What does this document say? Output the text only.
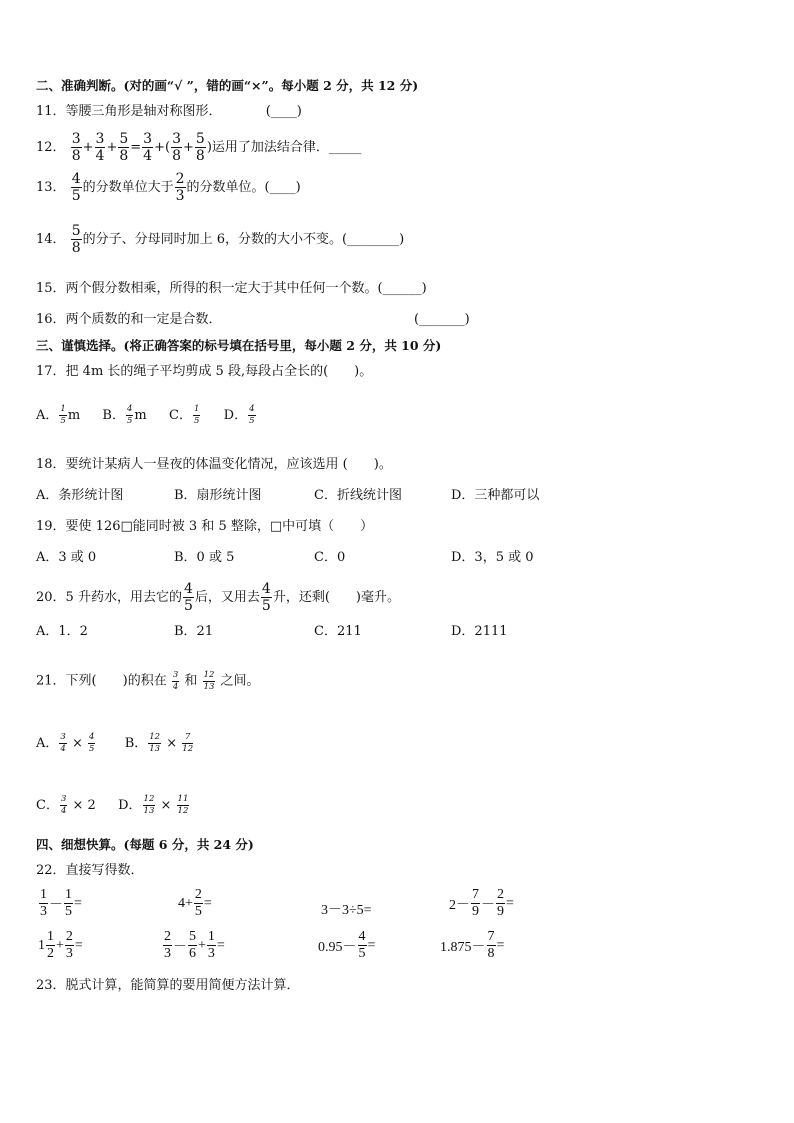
二、准确判断。(对的画“√ ”，错的画“×”。每小题 2 分，共 12 分)
11．等腰三角形是轴对称图形．	(____)
12． $\frac{3}{8} + \frac{3}{4} + \frac{5}{8} = \frac{3}{4}$ +( $\frac{3}{8} + \frac{5}{8}$ )运用了加法结合律．_____
13． $\frac{4}{5}$ 的分数单位大于 $\frac{2}{3}$ 的分数单位。(____)
14． $\frac{5}{8}$ 的分子、分母同时加上 6，分数的大小不变。(________)
15．两个假分数相乘，所得的积一定大于其中任何一个数。(______)
16．两个质数的和一定是合数．	(_______)
三、谨慎选择。(将正确答案的标号填在括号里，每小题 2 分，共 10 分)
17．把 4m 长的绳子平均剪成 5 段,每段占全长的(　　)。
A． $\frac{1}{5}$ m B． $\frac{4}{5}$ m C． $\frac{1}{5}$ D． $\frac{4}{5}$
18．要统计某病人一昼夜的体温变化情况，应该选用 (　　)。
A．条形统计图	B．扇形统计图	C．折线统计图	D．三种都可以
19．要使 126□能同时被 3 和 5 整除，□中可填（　　）
A．3 或 0	B．0 或 5	C．0	D．3，5 或 0
20．5 升药水，用去它的 $\frac{4}{5}$ 后，又用去 $\frac{4}{5}$ 升，还剩(　　)毫升。
A．1．2	B．21	C．211	D．2111
21．下列(　　)的积在 $\frac{3}{4}$ 和 $\frac{12}{13}$ 之间。
A． $\frac{3}{4} \times \frac{4}{5}$ B． $\frac{12}{13} \times \frac{7}{12}$
C． $\frac{3}{4} \times 2$ D． $\frac{12}{13} \times \frac{11}{12}$
四、细想快算。(每题 6 分，共 24 分)
22．直接写得数．
$\frac{1}{3} - \frac{1}{5}$ =	$4+ \frac{2}{5}$ =	3－3÷5=	$2- \frac{7}{9} - \frac{2}{9}$ =
$1 \frac{1}{2} + \frac{2}{3}$ =	$\frac{2}{3} - \frac{5}{6} + \frac{1}{3}$ =	$0.95- \frac{4}{5}$ =	$1.875- \frac{7}{8}$ =
23．脱式计算，能简算的要用简便方法计算．
